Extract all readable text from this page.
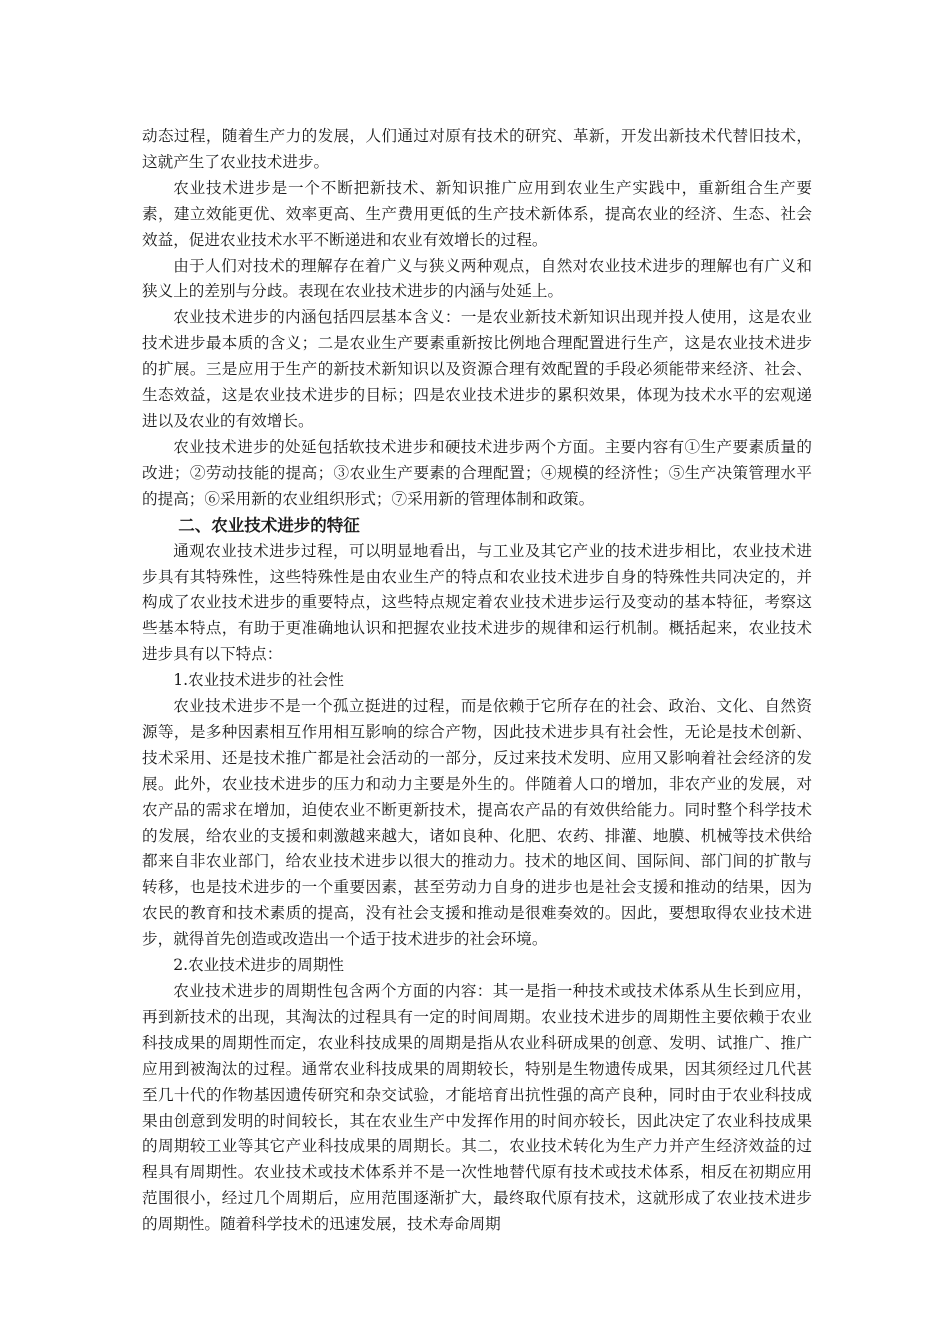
动态过程，随着生产力的发展，人们通过对原有技术的研究、革新，开发出新技术代替旧技术，这就产生了农业技术进步。

农业技术进步是一个不断把新技术、新知识推广应用到农业生产实践中，重新组合生产要素，建立效能更优、效率更高、生产费用更低的生产技术新体系，提高农业的经济、生态、社会效益，促进农业技术水平不断递进和农业有效增长的过程。

由于人们对技术的理解存在着广义与狭义两种观点，自然对农业技术进步的理解也有广义和狭义上的差别与分歧。表现在农业技术进步的内涵与处延上。

农业技术进步的内涵包括四层基本含义：一是农业新技术新知识出现并投人使用，这是农业技术进步最本质的含义；二是农业生产要素重新按比例地合理配置进行生产，这是农业技术进步的扩展。三是应用于生产的新技术新知识以及资源合理有效配置的手段必须能带来经济、社会、生态效益，这是农业技术进步的目标；四是农业技术进步的累积效果，体现为技术水平的宏观递进以及农业的有效增长。

农业技术进步的处延包括软技术进步和硬技术进步两个方面。主要内容有①生产要素质量的改进；②劳动技能的提高；③农业生产要素的合理配置；④规模的经济性；⑤生产决策管理水平的提高；⑥采用新的农业组织形式；⑦采用新的管理体制和政策。

二、农业技术进步的特征

通观农业技术进步过程，可以明显地看出，与工业及其它产业的技术进步相比，农业技术进步具有其特殊性，这些特殊性是由农业生产的特点和农业技术进步自身的特殊性共同决定的，并构成了农业技术进步的重要特点，这些特点规定着农业技术进步运行及变动的基本特征，考察这些基本特点，有助于更准确地认识和把握农业技术进步的规律和运行机制。概括起来，农业技术进步具有以下特点：

1.农业技术进步的社会性

农业技术进步不是一个孤立挺进的过程，而是依赖于它所存在的社会、政治、文化、自然资源等，是多种因素相互作用相互影响的综合产物，因此技术进步具有社会性，无论是技术创新、技术采用、还是技术推广都是社会活动的一部分，反过来技术发明、应用又影响着社会经济的发展。此外，农业技术进步的压力和动力主要是外生的。伴随着人口的增加，非农产业的发展，对农产品的需求在增加，迫使农业不断更新技术，提高农产品的有效供给能力。同时整个科学技术的发展，给农业的支援和刺激越来越大，诸如良种、化肥、农药、排灌、地膜、机械等技术供给都来自非农业部门，给农业技术进步以很大的推动力。技术的地区间、国际间、部门间的扩散与转移，也是技术进步的一个重要因素，甚至劳动力自身的进步也是社会支援和推动的结果，因为农民的教育和技术素质的提高，没有社会支援和推动是很难奏效的。因此，要想取得农业技术进步，就得首先创造或改造出一个适于技术进步的社会环境。

2.农业技术进步的周期性

农业技术进步的周期性包含两个方面的内容：其一是指一种技术或技术体系从生长到应用，再到新技术的出现，其淘汰的过程具有一定的时间周期。农业技术进步的周期性主要依赖于农业科技成果的周期性而定，农业科技成果的周期是指从农业科研成果的创意、发明、试推广、推广应用到被淘汰的过程。通常农业科技成果的周期较长，特别是生物遗传成果，因其须经过几代甚至几十代的作物基因遗传研究和杂交试验，才能培育出抗性强的高产良种，同时由于农业科技成果由创意到发明的时间较长，其在农业生产中发挥作用的时间亦较长，因此决定了农业科技成果的周期较工业等其它产业科技成果的周期长。其二，农业技术转化为生产力并产生经济效益的过程具有周期性。农业技术或技术体系并不是一次性地替代原有技术或技术体系，相反在初期应用范围很小，经过几个周期后，应用范围逐渐扩大，最终取代原有技术，这就形成了农业技术进步的周期性。随着科学技术的迅速发展，技术寿命周期
